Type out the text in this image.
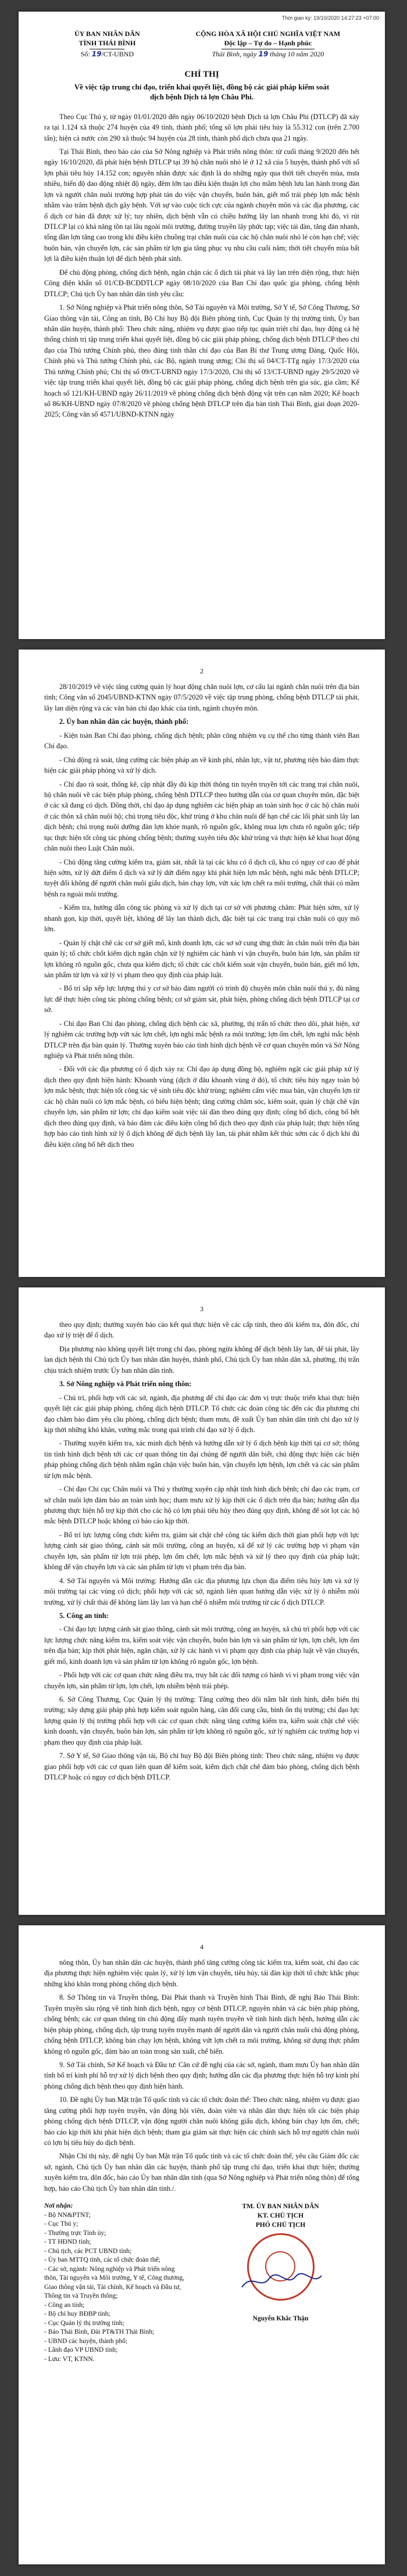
Thời gian ký: 19/10/2020 14:27:23 +07:00
ỦY BAN NHÂN DÂN
TỈNH THÁI BÌNH
Số: 19/CT-UBND
CỘNG HÒA XÃ HỘI CHỦ NGHĨA VIỆT NAM
Độc lập – Tự do – Hạnh phúc
Thái Bình, ngày 19 tháng 10 năm 2020
CHỈ THỊ
Về việc tập trung chỉ đạo, triển khai quyết liệt, đồng bộ các giải pháp kiểm soát dịch bệnh Dịch tả lợn Châu Phi.

Theo Cục Thú y, từ ngày 01/01/2020 đến ngày 06/10/2020 bệnh Dịch tả lợn Châu Phi (DTLCP) đã xảy ra tại 1.124 xã thuộc 274 huyện của 49 tỉnh, thành phố; tổng số lợn phải tiêu hủy là 55.312 con (trên 2.700 tấn); hiện cả nước còn 290 xã thuộc 94 huyện của 28 tỉnh, thành phố dịch chưa qua 21 ngày.

Tại Thái Bình, theo báo cáo của Sở Nông nghiệp và Phát triển nông thôn: từ cuối tháng 9/2020 đến hết ngày 16/10/2020, đã phát hiện bệnh DTLCP tại 39 hộ chăn nuôi nhỏ lẻ ở 12 xã của 5 huyện, thành phố với số lợn phải tiêu hủy 14.152 con; nguyên nhân được xác định là do những ngày qua thời tiết chuyển mùa, mưa nhiều, biến độ dao động nhiệt độ ngày, đêm lớn tạo điều kiện thuận lợi cho mầm bệnh lưu lan hành trong đàn lợn và người chăn nuôi trường hợp phát tán do việc vận chuyển, buôn bán, giết mổ trái phép lợn mắc bệnh nhằm vào trâm bệnh dịch gây bệnh. Với sự vào cuộc tích cực của ngành chuyên môn và các địa phương, các ổ dịch cơ bản đã được xử lý; tuy nhiên, dịch bệnh vẫn có chiều hướng lây lan nhanh trong khi đó, vi rút DTLCP lại có khả năng tồn tại lâu ngoài môi trường, đường truyền lây phức tạp; việc tái đàn, tăng đàn nhanh, tổng đàn lợn tăng cao trong khi điều kiện chuồng trại chăn nuôi của các hộ chăn nuôi nhỏ lẻ còn hạn chế; việc buôn bán, vận chuyển lợn, các sản phẩm từ lợn gia tăng phục vụ nhu cầu cuối năm; thời tiết chuyển mùa bất lợi là điều kiện thuận lợi để dịch bệnh phát sinh.

Để chủ động phòng, chống dịch bệnh, ngăn chặn các ổ dịch tái phát và lây lan trên diện rộng, thực hiện Công điện khẩn số 01/CĐ-BCĐDTLCP ngày 08/10/2020 của Ban Chỉ đạo quốc gia phòng, chống bệnh DTLCP; Chủ tịch Ủy ban nhân dân tỉnh yêu cầu:

1. Sở Nông nghiệp và Phát triển nông thôn, Sở Tài nguyên và Môi trường, Sở Y tế, Sở Công Thương, Sở Giao thông vận tải, Công an tỉnh, Bộ Chỉ huy Bộ đội Biên phòng tỉnh, Cục Quản lý thị trường tỉnh, Ủy ban nhân dân huyện, thành phố: Theo chức năng, nhiệm vụ được giao tiếp tục quán triệt chỉ đạo, huy động cả hệ thống chính trị tập trung triển khai quyết liệt, đồng bộ các giải pháp phòng, chống dịch bệnh DTLCP theo chỉ đạo của Thủ tướng Chính phủ, theo đúng tinh thần chỉ đạo của Ban Bí thư Trung ương Đảng, Quốc Hội, Chính phủ và Thủ tướng Chính phủ, các Bộ, ngành trung ương; Chỉ thị số 04/CT-TTg ngày 17/3/2020 của Thủ tướng Chính phủ; Chỉ thị số 09/CT-UBND ngày 17/3/2020, Chỉ thị số 13/CT-UBND ngày 29/5/2020 về việc tập trung triển khai quyết liệt, đồng bộ các giải pháp phòng, chống dịch bệnh trên gia súc, gia cầm; Kế hoạch số 121/KH-UBND ngày 26/11/2019 về phòng chống dịch bệnh động vật trên cạn năm 2020; Kế hoạch số 86/KH-UBND ngày 07/8/2020 về phòng chống bệnh DTLCP trên địa bàn tỉnh Thái Bình, giai đoạn 2020-2025; Công văn số 4571/UBND-KTNN ngày

2

28/10/2019 về việc tăng cường quản lý hoạt động chăn nuôi lợn, cơ cấu lại ngành chăn nuôi trên địa bàn tỉnh; Công văn số 2045/UBND-KTNN ngày 07/5/2020 về việc tập trung phòng, chống bệnh DTLCP tái phát, lây lan diện rộng và các văn bản chỉ đạo khác của tỉnh, ngành chuyên môn.

2. Ủy ban nhân dân các huyện, thành phố:

- Kiện toàn Ban Chỉ đạo phòng, chống dịch bệnh; phân công nhiệm vụ cụ thể cho từng thành viên Ban Chỉ đạo.

- Chủ động rà soát, tăng cường các biện pháp an về kinh phí, nhân lực, vật tư, phương tiện bảo đảm thực hiện các giải pháp phòng và xử lý dịch.

- Chỉ đạo rà soát, thống kê, cập nhật đầy đủ kịp thời thông tin tuyên truyền tới các trang trại chăn nuôi, hộ chăn nuôi về các biện pháp phòng, chống bệnh DTLCP theo hướng dẫn của cơ quan chuyên môn, đặc biệt ở các xã đang có dịch. Đồng thời, chỉ đạo áp dụng nghiêm các biện pháp an toàn sinh học ở các hộ chăn nuôi ở các thôn xã chăn nuôi hộ; chú trọng tiêu độc, khử trùng ở khu chăn nuôi để hạn chế các lối phát sinh lây lan dịch bệnh; chú trọng nuôi dưỡng đàn lợn khỏe mạnh, rõ nguồn gốc, không mua lợn chưa rõ nguồn gốc; tiếp tục thực hiện tốt công tác phòng chống bệnh; thường xuyên tiêu độc khử trùng và thực hiện kê khai hoạt động chăn nuôi theo Luật Chăn nuôi.

- Chủ động tăng cường kiểm tra, giám sát, nhất là tại các khu có ổ dịch cũ, khu có nguy cơ cao để phát hiện sớm, xử lý dứt điểm ổ dịch và xử lý dứt điểm ngay khi phát hiện lợn mắc bệnh, nghi mắc bệnh DTLCP; tuyệt đối không để người chăn nuôi giấu dịch, bán chạy lợn, vứt xác lợn chết ra môi trường, chất thải có mầm bệnh ra ngoài môi trường.

- Kiểm tra, hướng dẫn công tác phòng và xử lý dịch tại cơ sở với phương châm: Phát hiện sớm, xử lý nhanh gọn, kịp thời, quyết liệt, không để lây lan thành dịch, đặc biệt tại các trang trại chăn nuôi có quy mô lớn.

- Quản lý chặt chẽ các cơ sở giết mổ, kinh doanh lợn, các sơ sở cung ứng thức ăn chăn nuôi trên địa bàn quản lý; tổ chức chốt kiểm dịch ngăn chặn xử lý nghiêm các hành vi vận chuyển, buôn bán lợn, sản phẩm từ lợn không rõ nguồn gốc, chưa qua kiểm dịch; tổ chức các chốt kiểm soát vận chuyển, buôn bán, giết mổ lợn, sản phẩm từ lợn và xử lý vi phạm theo quy định của pháp luật.

- Bố trí sắp xếp lực lượng thú y cơ sở bảo đảm người có trình độ chuyên môn chăn nuôi thú y, đủ năng lực để thực hiện công tác phòng chống bệnh; cơ sở giám sát, phát hiện, phòng chống dịch bệnh DTLCP tại cơ sở.

- Chỉ đạo Ban Chỉ đạo phòng, chống dịch bệnh các xã, phường, thị trấn tổ chức theo dõi, phát hiện, xử lý nghiêm các trường hợp vứt xác lợn chết, lợn nghi mắc bệnh ra môi trường; lợn ốm chết, lợn nghi mắc bệnh DTLCP trên địa bàn quản lý. Thường xuyên báo cáo tình hình dịch bệnh về cơ quan chuyên môn và Sở Nông nghiệp và Phát triển nông thôn.

- Đối với các địa phương có ổ dịch xảy ra: Chỉ đạo áp dụng đồng bộ, nghiêm ngặt các giải pháp xử lý dịch theo quy định hiện hành: Khoanh vùng (dịch ở đâu khoanh vùng ở đó), tổ chức tiêu hủy ngay toàn bộ lợn mắc bệnh; thực hiện tốt công tác vệ sinh tiêu độc khử trùng; nghiêm cấm việc mua bán, vận chuyển lợn từ các hộ chăn nuôi có lợn mắc bệnh, có biểu hiện bệnh; tăng cường chăm sóc, kiểm soát, quản lý chặt chẽ vận chuyển lợn, sản phẩm từ lợn; chỉ đạo kiểm soát việc tái đàn theo đúng quy định; công bố dịch, công bố hết dịch theo đúng quy định, và bảo đảm các điều kiện công bố dịch theo quy định của pháp luật; thực hiện tổng hợp báo cáo tình hình xử lý ổ dịch không để dịch bệnh lây lan, tái phát nhằm kết thúc sớm các ổ dịch khi đủ điều kiện công bố hết dịch theo

3

theo quy định; thường xuyên báo cáo kết quả thực hiện về các cấp tỉnh, theo dõi kiểm tra, đôn đốc, chỉ đạo xử lý triệt để ổ dịch.

Địa phương nào không quyết liệt trong chỉ đạo, phòng ngừa không để dịch bệnh lây lan, để tái phát, lây lan dịch bệnh thì Chủ tịch Ủy ban nhân dân huyện, thành phố, Chủ tịch Ủy ban nhân dân xã, phường, thị trấn chịu trách nhiệm trước Ủy ban nhân dân tỉnh.

3. Sở Nông nghiệp và Phát triển nông thôn:

- Chủ trì, phối hợp với các sở, ngành, địa phương để chỉ đạo các đơn vị trực thuộc triển khai thực hiện quyết liệt các giải pháp phòng, chống dịch bệnh DTLCP. Tổ chức các đoàn công tác đến các địa phương chỉ đạo chăm bảo đảm yêu cầu phòng, chống dịch bệnh; tham mưu, đề xuất Ủy ban nhân dân tỉnh chỉ đạo xử lý kịp thời những khó khăn, vướng mắc trong quá trình chỉ đạo xử lý ổ dịch.

- Thường xuyên kiểm tra, xác minh dịch bệnh và hướng dẫn xử lý ổ dịch bệnh kịp thời tại cơ sở; thông tin tình hình dịch bệnh tới các cơ quan thông tin đại chúng để người dân biết, chủ động thực hiện các biện pháp phòng chống dịch bệnh nhằm ngăn chặn việc buôn bán, vận chuyển lợn bệnh, lợn chết và các sản phẩm từ lợn mắc bệnh.

- Chỉ đạo Chi cục Chăn nuôi và Thú y thường xuyên cập nhật tình hình dịch bệnh; chỉ đạo các trạm, cơ sở chăn nuôi lợn đảm bảo an toàn sinh học; tham mưu xử lý kịp thời các ổ dịch trên địa bàn; hướng dẫn địa phương thực hiện hỗ trợ kịp thời cho các hộ có lợn phải tiêu hủy theo đúng quy định, không để sót lọt các hộ mắc bệnh DTLCP hoặc không có báo cáo kịp thời.

- Bố trí lực lượng công chức kiểm tra, giám sát chặt chẽ công tác kiểm dịch thời gian phối hợp với lực lượng cảnh sát giao thông, cảnh sát môi trường, công an huyện, xã để xử lý các trường hợp vi phạm vận chuyển lợn, sản phẩm từ lợn trái phép, lợn ốm chết, lợn mắc bệnh và xử lý theo quy định của pháp luật; không để vận chuyển lợn và các sản phẩm từ lợn vi phạm trên địa bàn.

4. Sở Tài nguyên và Môi trường: Hướng dẫn các địa phương lựa chọn địa điểm tiêu hủy lợn và xử lý môi trường tại các vùng có dịch; phối hợp với các sở, ngành liên quan hướng dẫn việc xử lý ô nhiễm môi trường, xử lý chất thải để không làm lây lan và hạn chế ô nhiễm môi trường từ các ổ dịch DTLCP.

5. Công an tỉnh:

- Chỉ đạo lực lượng cảnh sát giao thông, cảnh sát môi trường, công an huyện, xã chủ trì phối hợp với các lực lượng chức năng kiểm tra, kiểm soát việc vận chuyển, buôn bán lợn và sản phẩm từ lợn, lợn chết, lợn ốm trên địa bàn; kịp thời phát hiện, ngăn chặn, xử lý các hành vi vi phạm quy định của pháp luật về vận chuyển, giết mổ, kinh doanh lợn và sản phẩm từ lợn không rõ nguồn gốc, lợn bệnh.

- Phối hợp với các cơ quan chức năng điều tra, truy bắt các đối tượng có hành vi vi phạm trong việc vận chuyển lợn, sản phẩm từ lợn, lợn chết, lợn nhiễm bệnh trái phép.

6. Sở Công Thương, Cục Quản lý thị trường: Tăng cường theo dõi nắm bắt tình hình, diễn biến thị trường; xây dựng giải pháp phù hợp kiểm soát nguồn hàng, cân đối cung cầu, bình ổn thị trường; chỉ đạo lực lượng quản lý thị trường phối hợp với các cơ quan chức năng tăng cường kiểm tra, kiểm soát chặt chẽ việc kinh doanh, vận chuyển, buôn bán lợn, sản phẩm từ lợn không rõ nguồn gốc, xử lý nghiêm các trường hợp vi phạm theo quy định của pháp luật.

7. Sở Y tế, Sở Giao thông vận tải, Bộ chỉ huy Bộ đội Biên phòng tỉnh: Theo chức năng, nhiệm vụ được giao phối hợp với các cơ quan liên quan để kiểm soát, kiểm dịch chặt chẽ đảm bảo phòng, chống dịch bệnh DTLCP hoặc có nguy cơ dịch bệnh DTLCP.

4

nông thôn, Ủy ban nhân dân các huyện, thành phố tăng cường công tác kiểm tra, kiểm soát, chỉ đạo các địa phương thực hiện nghiêm việc quản lý, xử lý lợn vận chuyển, tiêu hủy, tái đàn kịp thời tổ chức khắc phục những khó khăn trong phòng chống dịch bệnh.

8. Sở Thông tin và Truyền thông, Đài Phát thanh và Truyền hình Thái Bình, đề nghị Báo Thái Bình: Tuyên truyền sâu rộng về tình hình dịch bệnh, nguy cơ bệnh DTLCP, nguyên nhân và các biện pháp phòng, chống bệnh; các cơ quan thông tin chủ động đẩy mạnh tuyên truyền về tình hình dịch bệnh, hướng dẫn các biện pháp phòng, chống dịch, tập trung tuyên truyền mạnh để người dân và người chăn nuôi chủ động phòng, chống bệnh DTLCP, không bán chạy lợn bệnh, không vứt lợn chết ra môi trường, không sử dụng thực phẩm không rõ nguồn gốc, đảm bảo an toàn trong sản xuất, chế biến.

9. Sở Tài chính, Sở Kế hoạch và Đầu tư: Căn cứ đề nghị của các sở, ngành, tham mưu Ủy ban nhân dân tỉnh bố trí kinh phí hỗ trợ xử lý dịch bệnh theo quy định; hướng dẫn các địa phương thực hiện hỗ trợ kinh phí phòng chống dịch bệnh theo quy định hiện hành.

10. Đề nghị Ủy ban Mặt trận Tổ quốc tỉnh và các tổ chức đoàn thể: Theo chức năng, nhiệm vụ được giao tăng cường phối hợp tuyên truyền, vận động hội viên, đoàn viên và nhân dân thực hiện tốt các biện pháp phòng chống dịch bệnh DTLCP, vận động người chăn nuôi không giấu dịch, không bán chạy lợn ốm, chết; báo cáo kịp thời khi phát hiện dịch bệnh; tham gia giám sát thực hiện các chính sách hỗ trợ người chăn nuôi có lợn bị tiêu hủy do dịch bệnh.

Nhận Chỉ thị này, đề nghị Ủy ban Mặt trận Tổ quốc tỉnh và các tổ chức đoàn thể, yêu cầu Giám đốc các sở, ngành, Chủ tịch Ủy ban nhân dân các huyện, thành phố tập trung chỉ đạo, triển khai thực hiện; thường xuyên kiểm tra, đôn đốc, báo cáo Ủy ban nhân dân tỉnh (qua Sở Nông nghiệp và Phát triển nông thôn) để tổng hợp, báo cáo Chủ tịch Ủy ban nhân dân tỉnh./.

Nơi nhận:
- Bộ NN&PTNT;
- Cục Thú y;
- Thường trực Tỉnh ủy;
- TT HĐND tỉnh;
- Chủ tịch, các PCT UBND tỉnh;
- Ủy ban MTTQ tỉnh, các tổ chức đoàn thể;
- Các sở, ngành: Nông nghiệp và Phát triển nông thôn, Tài nguyên và Môi trường, Y tế, Công thương, Giao thông vận tải, Tài chính, Kế hoạch và Đầu tư, Thông tin và Truyền thông;
- Công an tỉnh;
- Bộ chỉ huy BĐBP tỉnh;
- Cục Quản lý thị trường tỉnh;
- Báo Thái Bình, Đài PT&TH Thái Bình;
- UBND các huyện, thành phố;
- Lãnh đạo VP UBND tỉnh;
- Lưu: VT, KTNN.
TM. ỦY BAN NHÂN DÂN
KT. CHỦ TỊCH
PHÓ CHỦ TỊCH
Nguyễn Khắc Thận
